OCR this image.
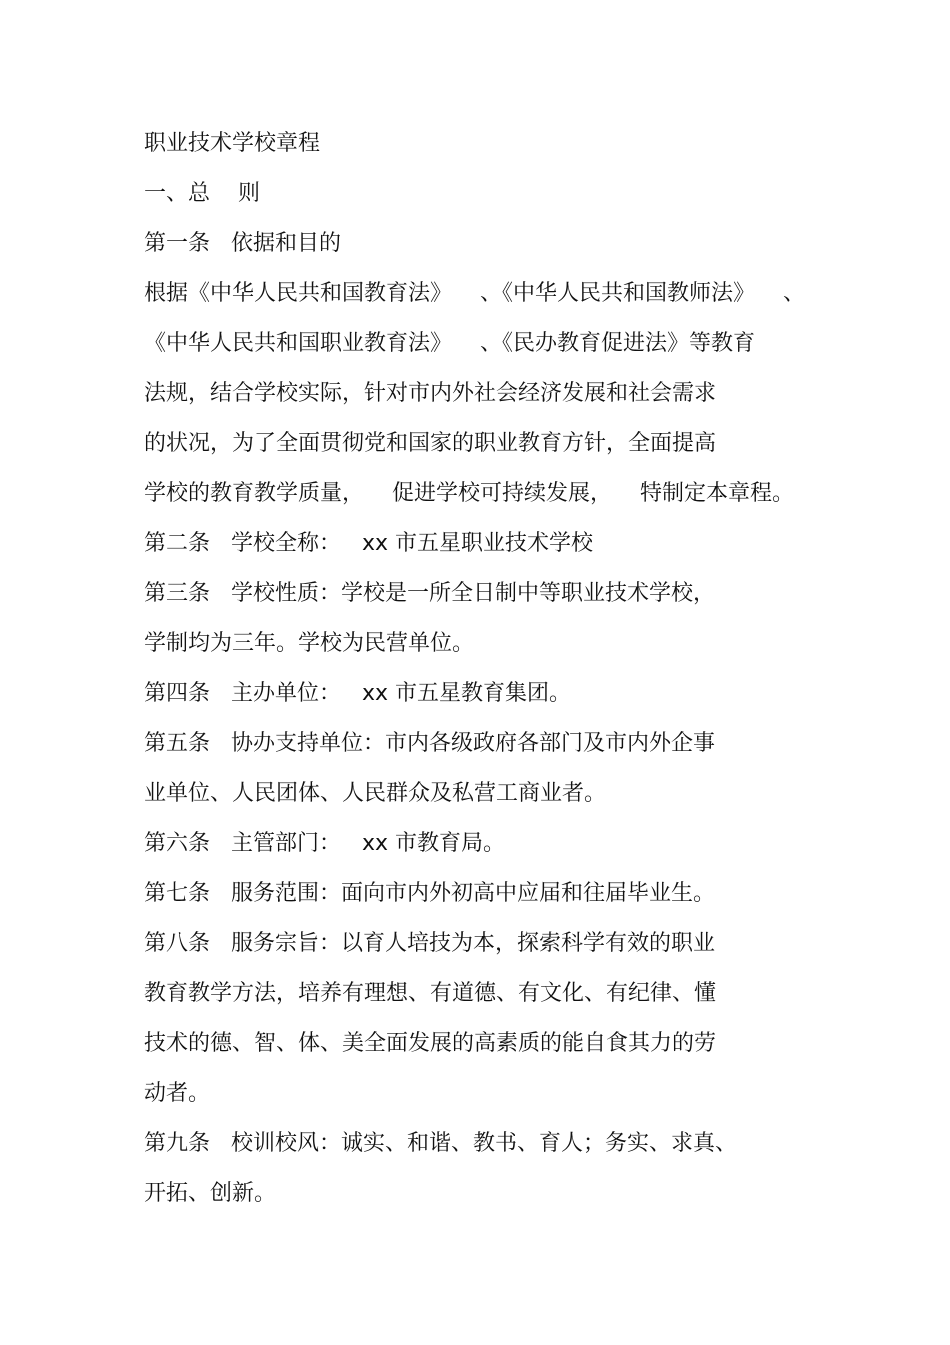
职业技术学校章程
一、总    则
第一条   依据和目的
根据《中华人民共和国教育法》    、《中华人民共和国教师法》    、
《中华人民共和国职业教育法》    、《民办教育促进法》等教育
法规，结合学校实际，针对市内外社会经济发展和社会需求
的状况，为了全面贯彻党和国家的职业教育方针，全面提高
学校的教育教学质量，    促进学校可持续发展，    特制定本章程。
第二条   学校全称：   xx 市五星职业技术学校
第三条   学校性质：学校是一所全日制中等职业技术学校，
学制均为三年。学校为民营单位。
第四条   主办单位：   xx 市五星教育集团。
第五条   协办支持单位：市内各级政府各部门及市内外企事
业单位、人民团体、人民群众及私营工商业者。
第六条   主管部门：   xx 市教育局。
第七条   服务范围：面向市内外初高中应届和往届毕业生。
第八条   服务宗旨：以育人培技为本，探索科学有效的职业
教育教学方法，培养有理想、有道德、有文化、有纪律、懂
技术的德、智、体、美全面发展的高素质的能自食其力的劳
动者。
第九条   校训校风：诚实、和谐、教书、育人；务实、求真、
开拓、创新。
